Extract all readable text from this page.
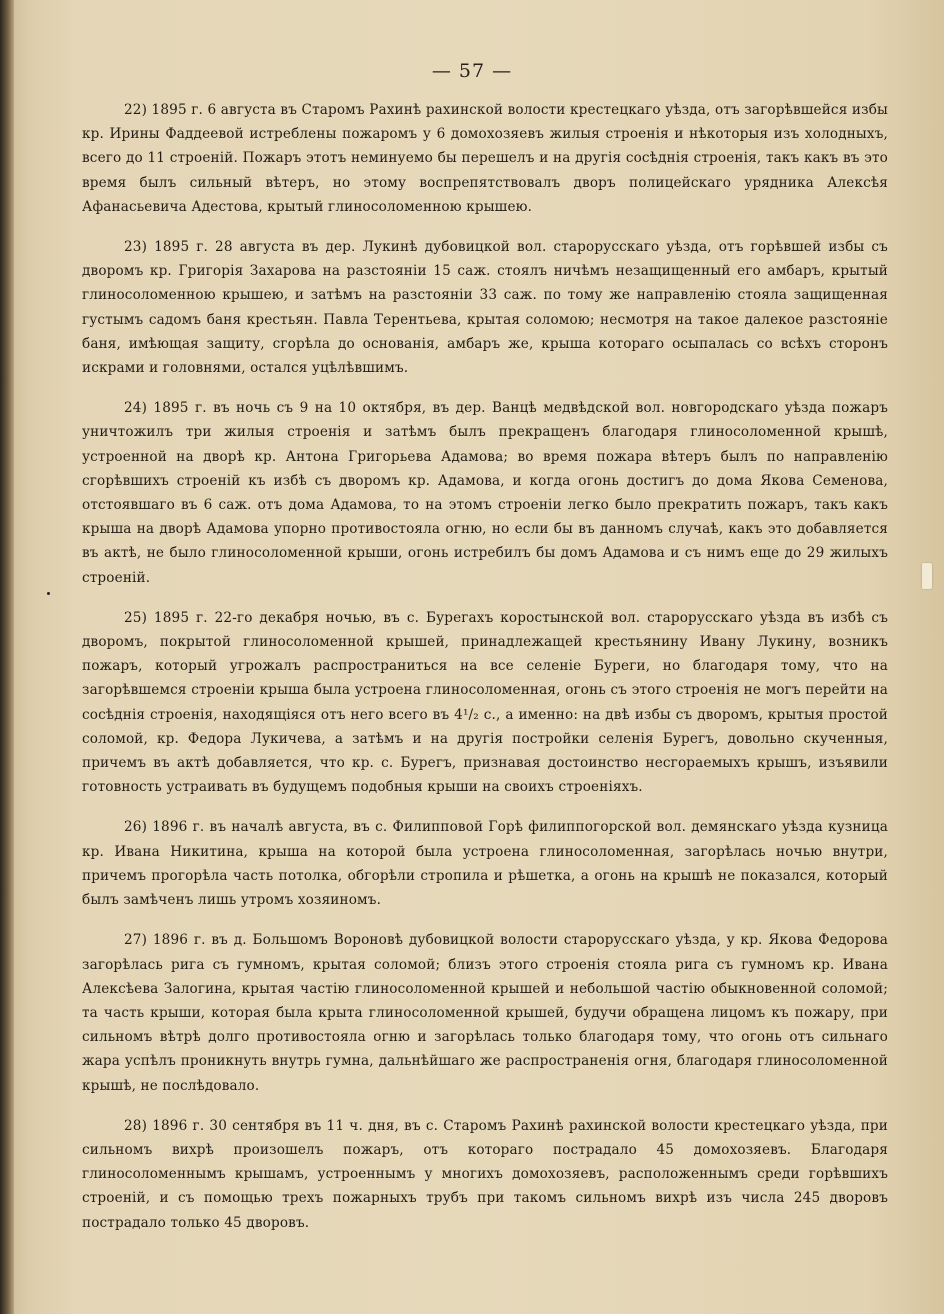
— 57 —

22) 1895 г. 6 августа въ Старомъ Рахинѣ рахинской волости крестецкаго уѣзда, отъ загорѣвшейся избы кр. Ирины Фаддеевой истреблены пожаромъ у 6 домохозяевъ жилыя строенія и нѣкоторыя изъ холодныхъ, всего до 11 строеній. Пожаръ этотъ неминуемо бы перешелъ и на другія сосѣднія строенія, такъ какъ въ это время былъ сильный вѣтеръ, но этому воспрепятствовалъ дворъ полицейскаго урядника Алексѣя Афанасьевича Адестова, крытый глиносоломенною крышею.

23) 1895 г. 28 августа въ дер. Лукинѣ дубовицкой вол. старорусскаго уѣзда, отъ горѣвшей избы съ дворомъ кр. Григорія Захарова на разстояніи 15 саж. стоялъ ничѣмъ незащищенный его амбаръ, крытый глиносоломенною крышею, и затѣмъ на разстояніи 33 саж. по тому же направленію стояла защищенная густымъ садомъ баня крестьян. Павла Терентьева, крытая соломою; несмотря на такое далекое разстояніе баня, имѣющая защиту, сгорѣла до основанія, амбаръ же, крыша котораго осыпалась со всѣхъ сторонъ искрами и головнями, остался уцѣлѣвшимъ.

24) 1895 г. въ ночь съ 9 на 10 октября, въ дер. Ванцѣ медвѣдской вол. новгородскаго уѣзда пожаръ уничтожилъ три жилыя строенія и затѣмъ былъ прекращенъ благодаря глиносоломенной крышѣ, устроенной на дворѣ кр. Антона Григорьева Адамова; во время пожара вѣтеръ былъ по направленію сгорѣвшихъ строеній къ избѣ съ дворомъ кр. Адамова, и когда огонь достигъ до дома Якова Семенова, отстоявшаго въ 6 саж. отъ дома Адамова, то на этомъ строеніи легко было прекратить пожаръ, такъ какъ крыша на дворѣ Адамова упорно противостояла огню, но если бы въ данномъ случаѣ, какъ это добавляется въ актѣ, не было глиносоломенной крыши, огонь истребилъ бы домъ Адамова и съ нимъ еще до 29 жилыхъ строеній.

25) 1895 г. 22-го декабря ночью, въ с. Бурегахъ коростынской вол. старорусскаго уѣзда въ избѣ съ дворомъ, покрытой глиносоломенной крышей, принадлежащей крестьянину Ивану Лукину, возникъ пожаръ, который угрожалъ распространиться на все селеніе Буреги, но благодаря тому, что на загорѣвшемся строеніи крыша была устроена глиносоломенная, огонь съ этого строенія не могъ перейти на сосѣднія строенія, находящіяся отъ него всего въ 4¹/₂ с., а именно: на двѣ избы съ дворомъ, крытыя простой соломой, кр. Федора Лукичева, а затѣмъ и на другія постройки селенія Бурегъ, довольно скученныя, причемъ въ актѣ добавляется, что кр. с. Бурегъ, признавая достоинство несгораемыхъ крышъ, изъявили готовность устраивать въ будущемъ подобныя крыши на своихъ строеніяхъ.

26) 1896 г. въ началѣ августа, въ с. Филипповой Горѣ филиппогорской вол. демянскаго уѣзда кузница кр. Ивана Никитина, крыша на которой была устроена глиносоломенная, загорѣлась ночью внутри, причемъ прогорѣла часть потолка, обгорѣли стропила и рѣшетка, а огонь на крышѣ не показался, который былъ замѣченъ лишь утромъ хозяиномъ.

27) 1896 г. въ д. Большомъ Вороновѣ дубовицкой волости старорусскаго уѣзда, у кр. Якова Федорова загорѣлась рига съ гумномъ, крытая соломой; близъ этого строенія стояла рига съ гумномъ кр. Ивана Алексѣева Залогина, крытая частію глиносоломенной крышей и небольшой частію обыкновенной соломой; та часть крыши, которая была крыта глиносоломенной крышей, будучи обращена лицомъ къ пожару, при сильномъ вѣтрѣ долго противостояла огню и загорѣлась только благодаря тому, что огонь отъ сильнаго жара успѣлъ проникнуть внутрь гумна, дальнѣйшаго же распространенія огня, благодаря глиносоломенной крышѣ, не послѣдовало.

28) 1896 г. 30 сентября въ 11 ч. дня, въ с. Старомъ Рахинѣ рахинской волости крестецкаго уѣзда, при сильномъ вихрѣ произошелъ пожаръ, отъ котораго пострадало 45 домохозяевъ. Благодаря глиносоломеннымъ крышамъ, устроеннымъ у многихъ домохозяевъ, расположеннымъ среди горѣвшихъ строеній, и съ помощью трехъ пожарныхъ трубъ при такомъ сильномъ вихрѣ изъ числа 245 дворовъ пострадало только 45 дворовъ.
